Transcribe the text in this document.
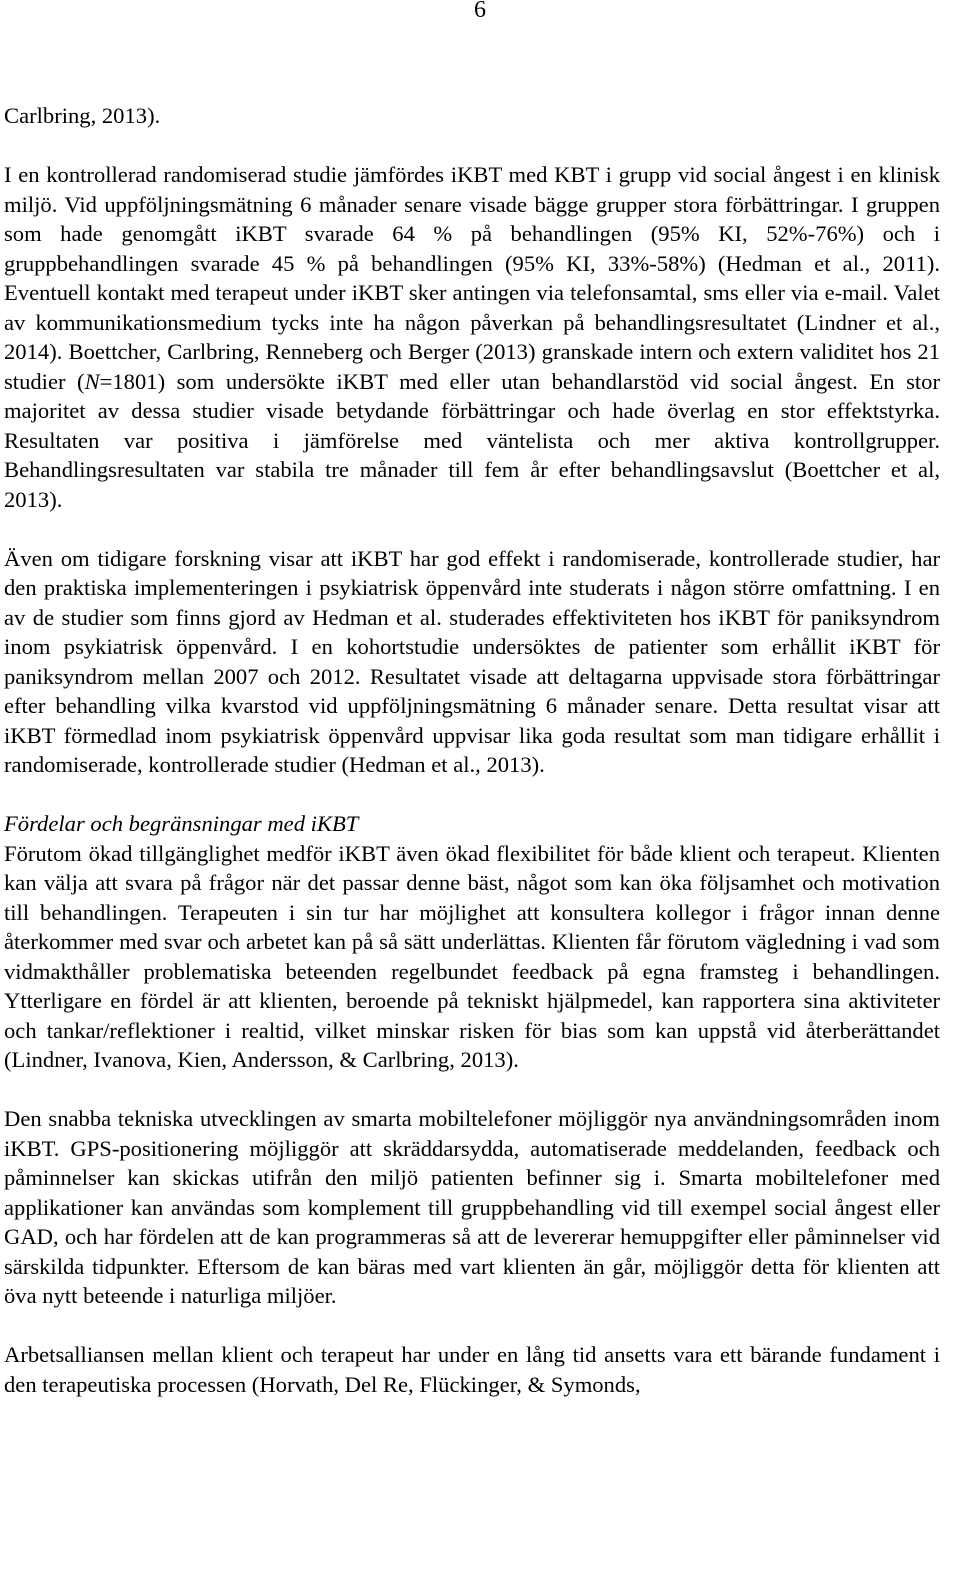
6

Carlbring, 2013).

I en kontrollerad randomiserad studie jämfördes iKBT med KBT i grupp vid social ångest i en klinisk miljö. Vid uppföljningsmätning 6 månader senare visade bägge grupper stora förbättringar. I gruppen som hade genomgått iKBT svarade 64 % på behandlingen (95% KI, 52%-76%) och i gruppbehandlingen svarade 45 % på behandlingen (95% KI, 33%-58%) (Hedman et al., 2011). Eventuell kontakt med terapeut under iKBT sker antingen via telefonsamtal, sms eller via e-mail. Valet av kommunikationsmedium tycks inte ha någon påverkan på behandlingsresultatet (Lindner et al., 2014). Boettcher, Carlbring, Renneberg och Berger (2013) granskade intern och extern validitet hos 21 studier (N=1801) som undersökte iKBT med eller utan behandlarstöd vid social ångest. En stor majoritet av dessa studier visade betydande förbättringar och hade överlag en stor effektstyrka. Resultaten var positiva i jämförelse med väntelista och mer aktiva kontrollgrupper. Behandlingsresultaten var stabila tre månader till fem år efter behandlingsavslut (Boettcher et al, 2013).

Även om tidigare forskning visar att iKBT har god effekt i randomiserade, kontrollerade studier, har den praktiska implementeringen i psykiatrisk öppenvård inte studerats i någon större omfattning. I en av de studier som finns gjord av Hedman et al. studerades effektiviteten hos iKBT för paniksyndrom inom psykiatrisk öppenvård. I en kohortstudie undersöktes de patienter som erhållit iKBT för paniksyndrom mellan 2007 och 2012. Resultatet visade att deltagarna uppvisade stora förbättringar efter behandling vilka kvarstod vid uppföljningsmätning 6 månader senare. Detta resultat visar att iKBT förmedlad inom psykiatrisk öppenvård uppvisar lika goda resultat som man tidigare erhållit i randomiserade, kontrollerade studier (Hedman et al., 2013).

Fördelar och begränsningar med iKBT

Förutom ökad tillgänglighet medför iKBT även ökad flexibilitet för både klient och terapeut. Klienten kan välja att svara på frågor när det passar denne bäst, något som kan öka följsamhet och motivation till behandlingen. Terapeuten i sin tur har möjlighet att konsultera kollegor i frågor innan denne återkommer med svar och arbetet kan på så sätt underlättas. Klienten får förutom vägledning i vad som vidmakthåller problematiska beteenden regelbundet feedback på egna framsteg i behandlingen. Ytterligare en fördel är att klienten, beroende på tekniskt hjälpmedel, kan rapportera sina aktiviteter och tankar/reflektioner i realtid, vilket minskar risken för bias som kan uppstå vid återberättandet (Lindner, Ivanova, Kien, Andersson, & Carlbring, 2013).

Den snabba tekniska utvecklingen av smarta mobiltelefoner möjliggör nya användningsområden inom iKBT. GPS-positionering möjliggör att skräddarsydda, automatiserade meddelanden, feedback och påminnelser kan skickas utifrån den miljö patienten befinner sig i. Smarta mobiltelefoner med applikationer kan användas som komplement till gruppbehandling vid till exempel social ångest eller GAD, och har fördelen att de kan programmeras så att de levererar hemuppgifter eller påminnelser vid särskilda tidpunkter. Eftersom de kan bäras med vart klienten än går, möjliggör detta för klienten att öva nytt beteende i naturliga miljöer.

Arbetsalliansen mellan klient och terapeut har under en lång tid ansetts vara ett bärande fundament i den terapeutiska processen (Horvath, Del Re, Flückinger, & Symonds,
